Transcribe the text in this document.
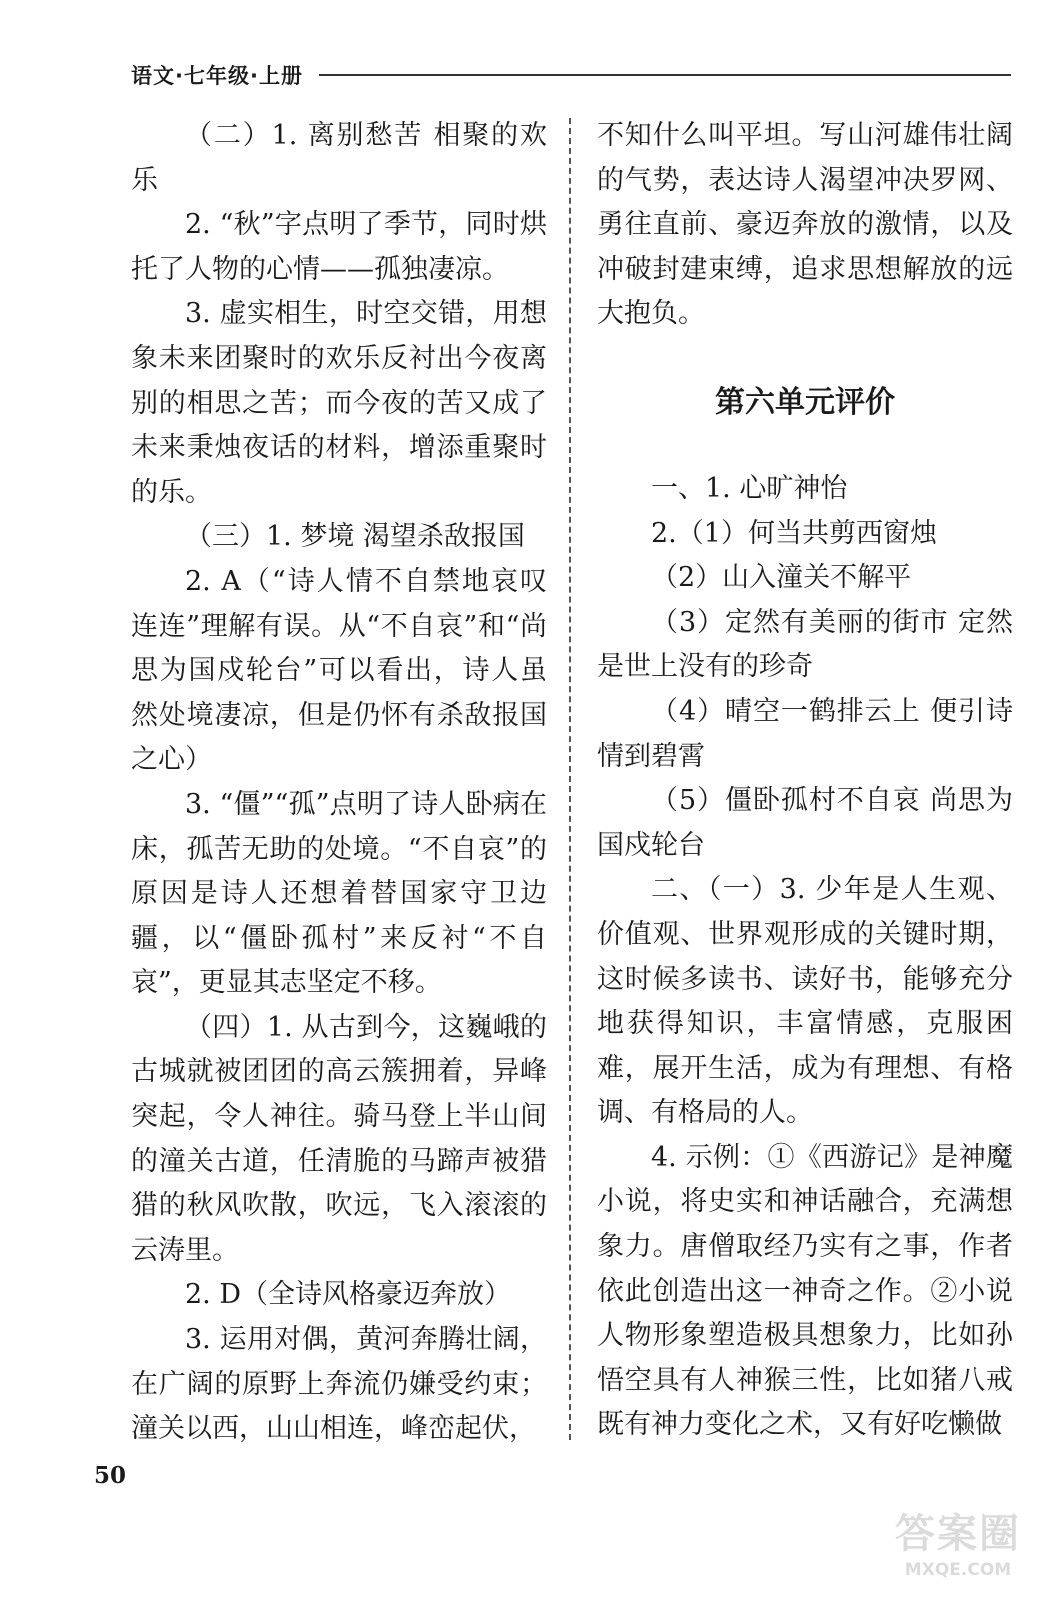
语文·七年级·上册

（二）1. 离别愁苦 相聚的欢乐

2. “秋”字点明了季节，同时烘托了人物的心情——孤独凄凉。

3. 虚实相生，时空交错，用想象未来团聚时的欢乐反衬出今夜离别的相思之苦；而今夜的苦又成了未来秉烛夜话的材料，增添重聚时的乐。

（三）1. 梦境 渴望杀敌报国

2. A（“诗人情不自禁地哀叹连连”理解有误。从“不自哀”和“尚思为国戍轮台”可以看出，诗人虽然处境凄凉，但是仍怀有杀敌报国之心）

3. “僵”“孤”点明了诗人卧病在床，孤苦无助的处境。“不自哀”的原因是诗人还想着替国家守卫边疆，以“僵卧孤村”来反衬“不自哀”，更显其志坚定不移。

（四）1. 从古到今，这巍峨的古城就被团团的高云簇拥着，异峰突起，令人神往。骑马登上半山间的潼关古道，任清脆的马蹄声被猎猎的秋风吹散，吹远，飞入滚滚的云涛里。

2. D（全诗风格豪迈奔放）

3. 运用对偶，黄河奔腾壮阔，在广阔的原野上奔流仍嫌受约束；潼关以西，山山相连，峰峦起伏，

不知什么叫平坦。写山河雄伟壮阔的气势，表达诗人渴望冲决罗网、勇往直前、豪迈奔放的激情，以及冲破封建束缚，追求思想解放的远大抱负。

第六单元评价

一、1. 心旷神怡

2.（1）何当共剪西窗烛

（2）山入潼关不解平

（3）定然有美丽的街市 定然是世上没有的珍奇

（4）晴空一鹤排云上 便引诗情到碧霄

（5）僵卧孤村不自哀 尚思为国戍轮台

二、（一）3. 少年是人生观、价值观、世界观形成的关键时期，这时候多读书、读好书，能够充分地获得知识，丰富情感，克服困难，展开生活，成为有理想、有格调、有格局的人。

4. 示例：①《西游记》是神魔小说，将史实和神话融合，充满想象力。唐僧取经乃实有之事，作者依此创造出这一神奇之作。②小说人物形象塑造极具想象力，比如孙悟空具有人神猴三性，比如猪八戒既有神力变化之术，又有好吃懒做

50
答案圈
MXQE.COM
